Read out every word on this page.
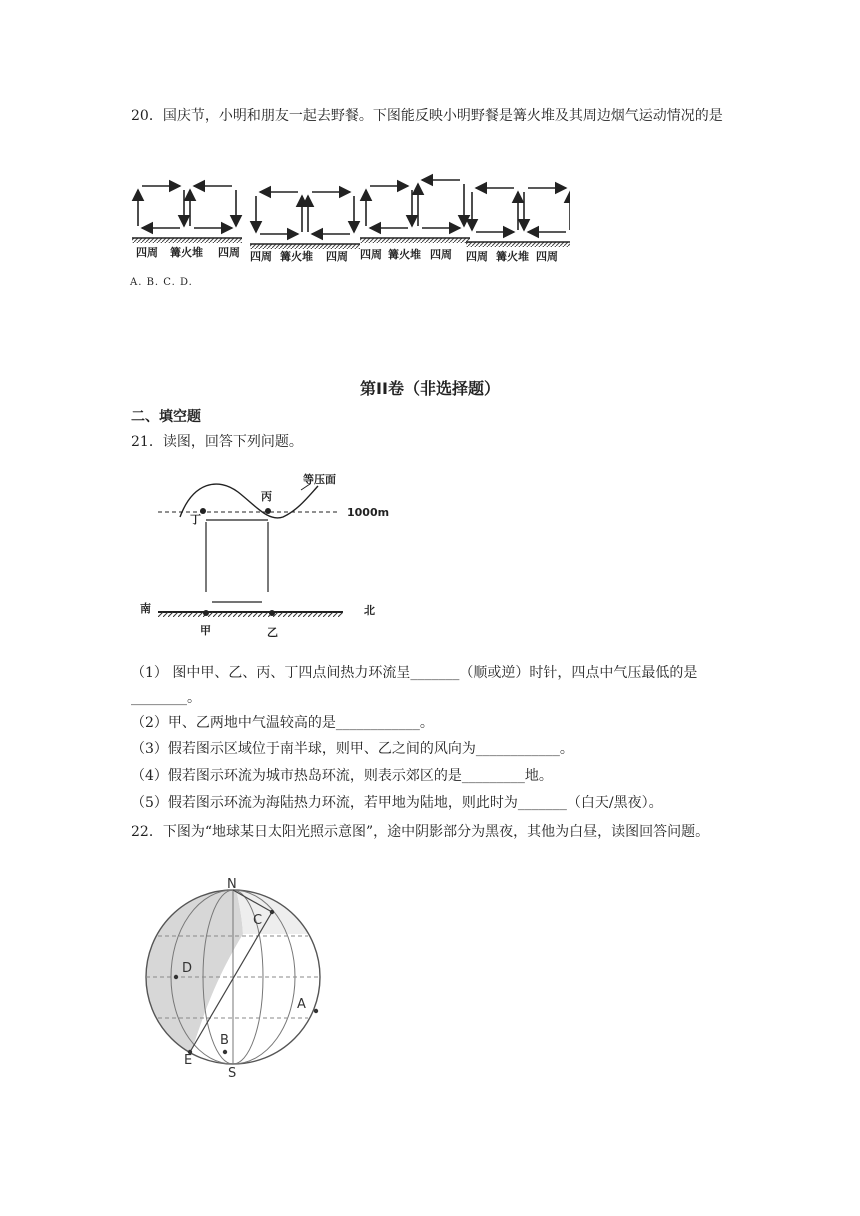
20．国庆节，小明和朋友一起去野餐。下图能反映小明野餐是篝火堆及其周边烟气运动情况的是
四周 篝火堆 四周 四周 篝火堆 四周 四周 篝火堆 四周 四周 篝火堆 四周
A. B. C. D.
第II卷（非选择题）
二、填空题
21．读图，回答下列问题。
等压面
1000m
南	北
甲	乙
丙
丁
（1） 图中甲、乙、丙、丁四点间热力环流呈_______（顺或逆）时针，四点中气压最低的是________。
（2）甲、乙两地中气温较高的是____________。
（3）假若图示区域位于南半球，则甲、乙之间的风向为____________。
（4）假若图示环流为城市热岛环流，则表示郊区的是_________地。
（5）假若图示环流为海陆热力环流，若甲地为陆地，则此时为_______（白天/黑夜）。
22．下图为“地球某日太阳光照示意图”，途中阴影部分为黑夜，其他为白昼，读图回答问题。
N
C
D
A
B
E
S
